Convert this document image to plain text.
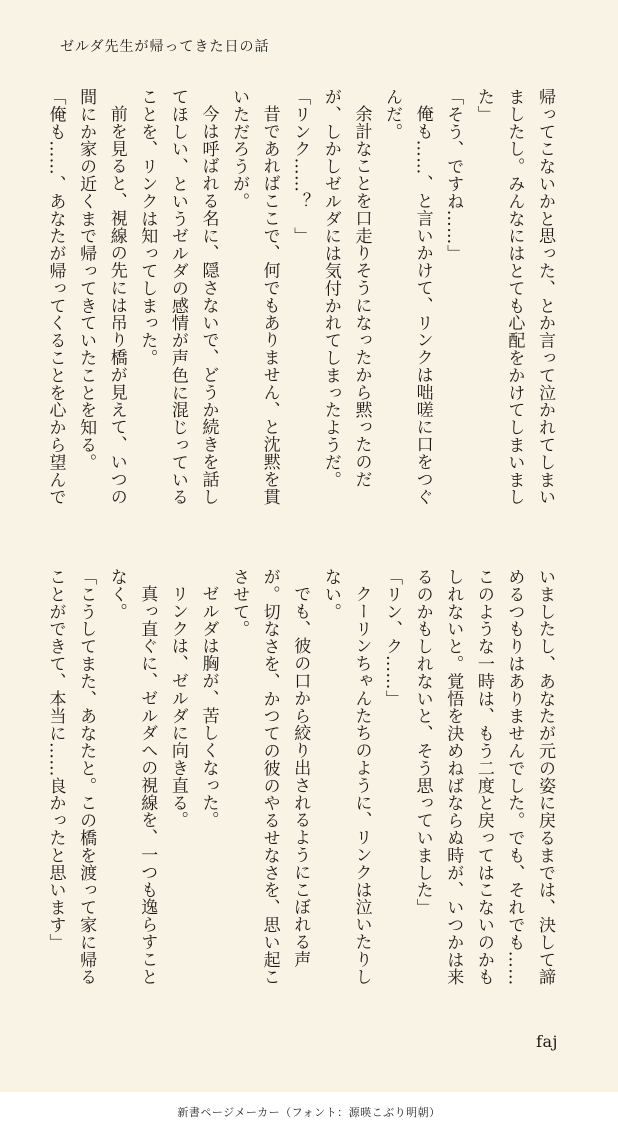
ゼルダ先生が帰ってきた日の話

帰ってこないかと思った、とか言って泣かれてしまいましたし。みんなにはとても心配をかけてしまいました」

「そう、ですね……」

俺も……、と言いかけて、リンクは咄嗟に口をつぐんだ。

余計なことを口走りそうになったから黙ったのだが、しかしゼルダには気付かれてしまったようだ。

「リンク……？　」

昔であればここで、何でもありません、と沈黙を貫いただろうが。

今は呼ばれる名に、隠さないで、どうか続きを話してほしい、というゼルダの感情が声色に混じっていることを、リンクは知ってしまった。

前を見ると、視線の先には吊り橋が見えて、いつの間にか家の近くまで帰ってきていたことを知る。

「俺も……、あなたが帰ってくることを心から望んで

いましたし、あなたが元の姿に戻るまでは、決して諦めるつもりはありませんでした。でも、それでも……このような一時は、もう二度と戻ってはこないのかもしれないと。覚悟を決めねばならぬ時が、いつかは来るのかもしれないと、そう思っていました」

「リン、ク……」

クーリンちゃんたちのように、リンクは泣いたりしない。

でも、彼の口から絞り出されるようにこぼれる声が。切なさを、かつての彼のやるせなさを、思い起こさせて。

ゼルダは胸が、苦しくなった。

リンクは、ゼルダに向き直る。

真っ直ぐに、ゼルダへの視線を、一つも逸らすことなく。

「こうしてまた、あなたと。この橋を渡って家に帰ることができて、本当に……良かったと思います」

faj
新書ページメーカー（フォント：源暎こぶり明朝）
